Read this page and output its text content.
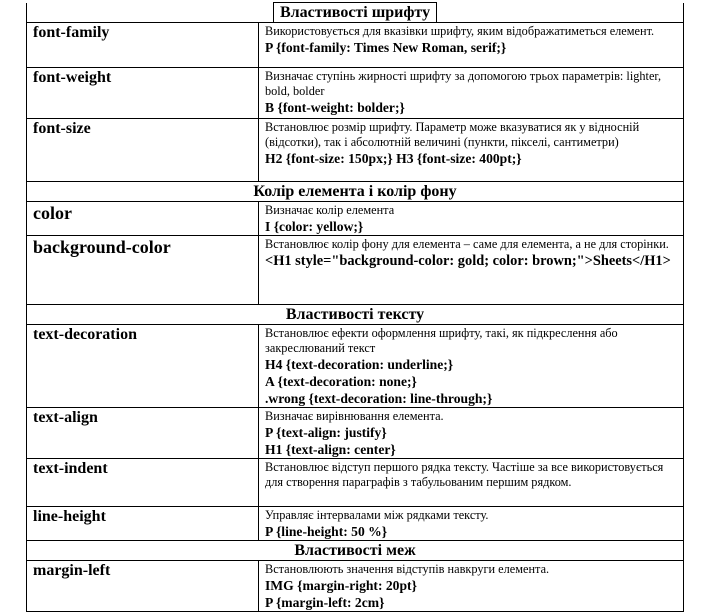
Властивості шрифту	
font-family	Використовується для вказівки шрифту, яким відображатиметься елемент.
P {font-family: Times New Roman, serif;}

font-weight	Визначає ступінь жирності шрифту за допомогою трьох параметрів: lighter, bold, bolder
B {font-weight: bolder;}

font-size	Встановлює розмір шрифту. Параметр може вказуватися як у відносній (відсотки), так і абсолютній величині (пункти, пікселі, сантиметри)
H2 {font-size: 150px;} H3 {font-size: 400pt;}

Колір елемента і колір фону	
color	Визначає колір елемента
I {color: yellow;}

background-color	Встановлює колір фону для елемента – саме для елемента, а не для сторінки.
<H1 style="background-color: gold; color: brown;">Sheets</H1>

Властивості тексту	
text-decoration	Встановлює ефекти оформлення шрифту, такі, як підкреслення або закреслюваний текст
H4 {text-decoration: underline;}
A {text-decoration: none;}
.wrong {text-decoration: line-through;}

text-align	Визначає вирівнювання елемента.
P {text-align: justify}
H1 {text-align: center}

text-indent	Встановлює відступ першого рядка тексту. Частіше за все використовується для створення параграфів з табульованим першим рядком.

line-height	Управляє інтервалами між рядками тексту.
P {line-height: 50 %}

Властивості меж	
margin-left	Встановлюють значення відступів навкруги елемента.
IMG {margin-right: 20pt}
P {margin-left: 2cm}
